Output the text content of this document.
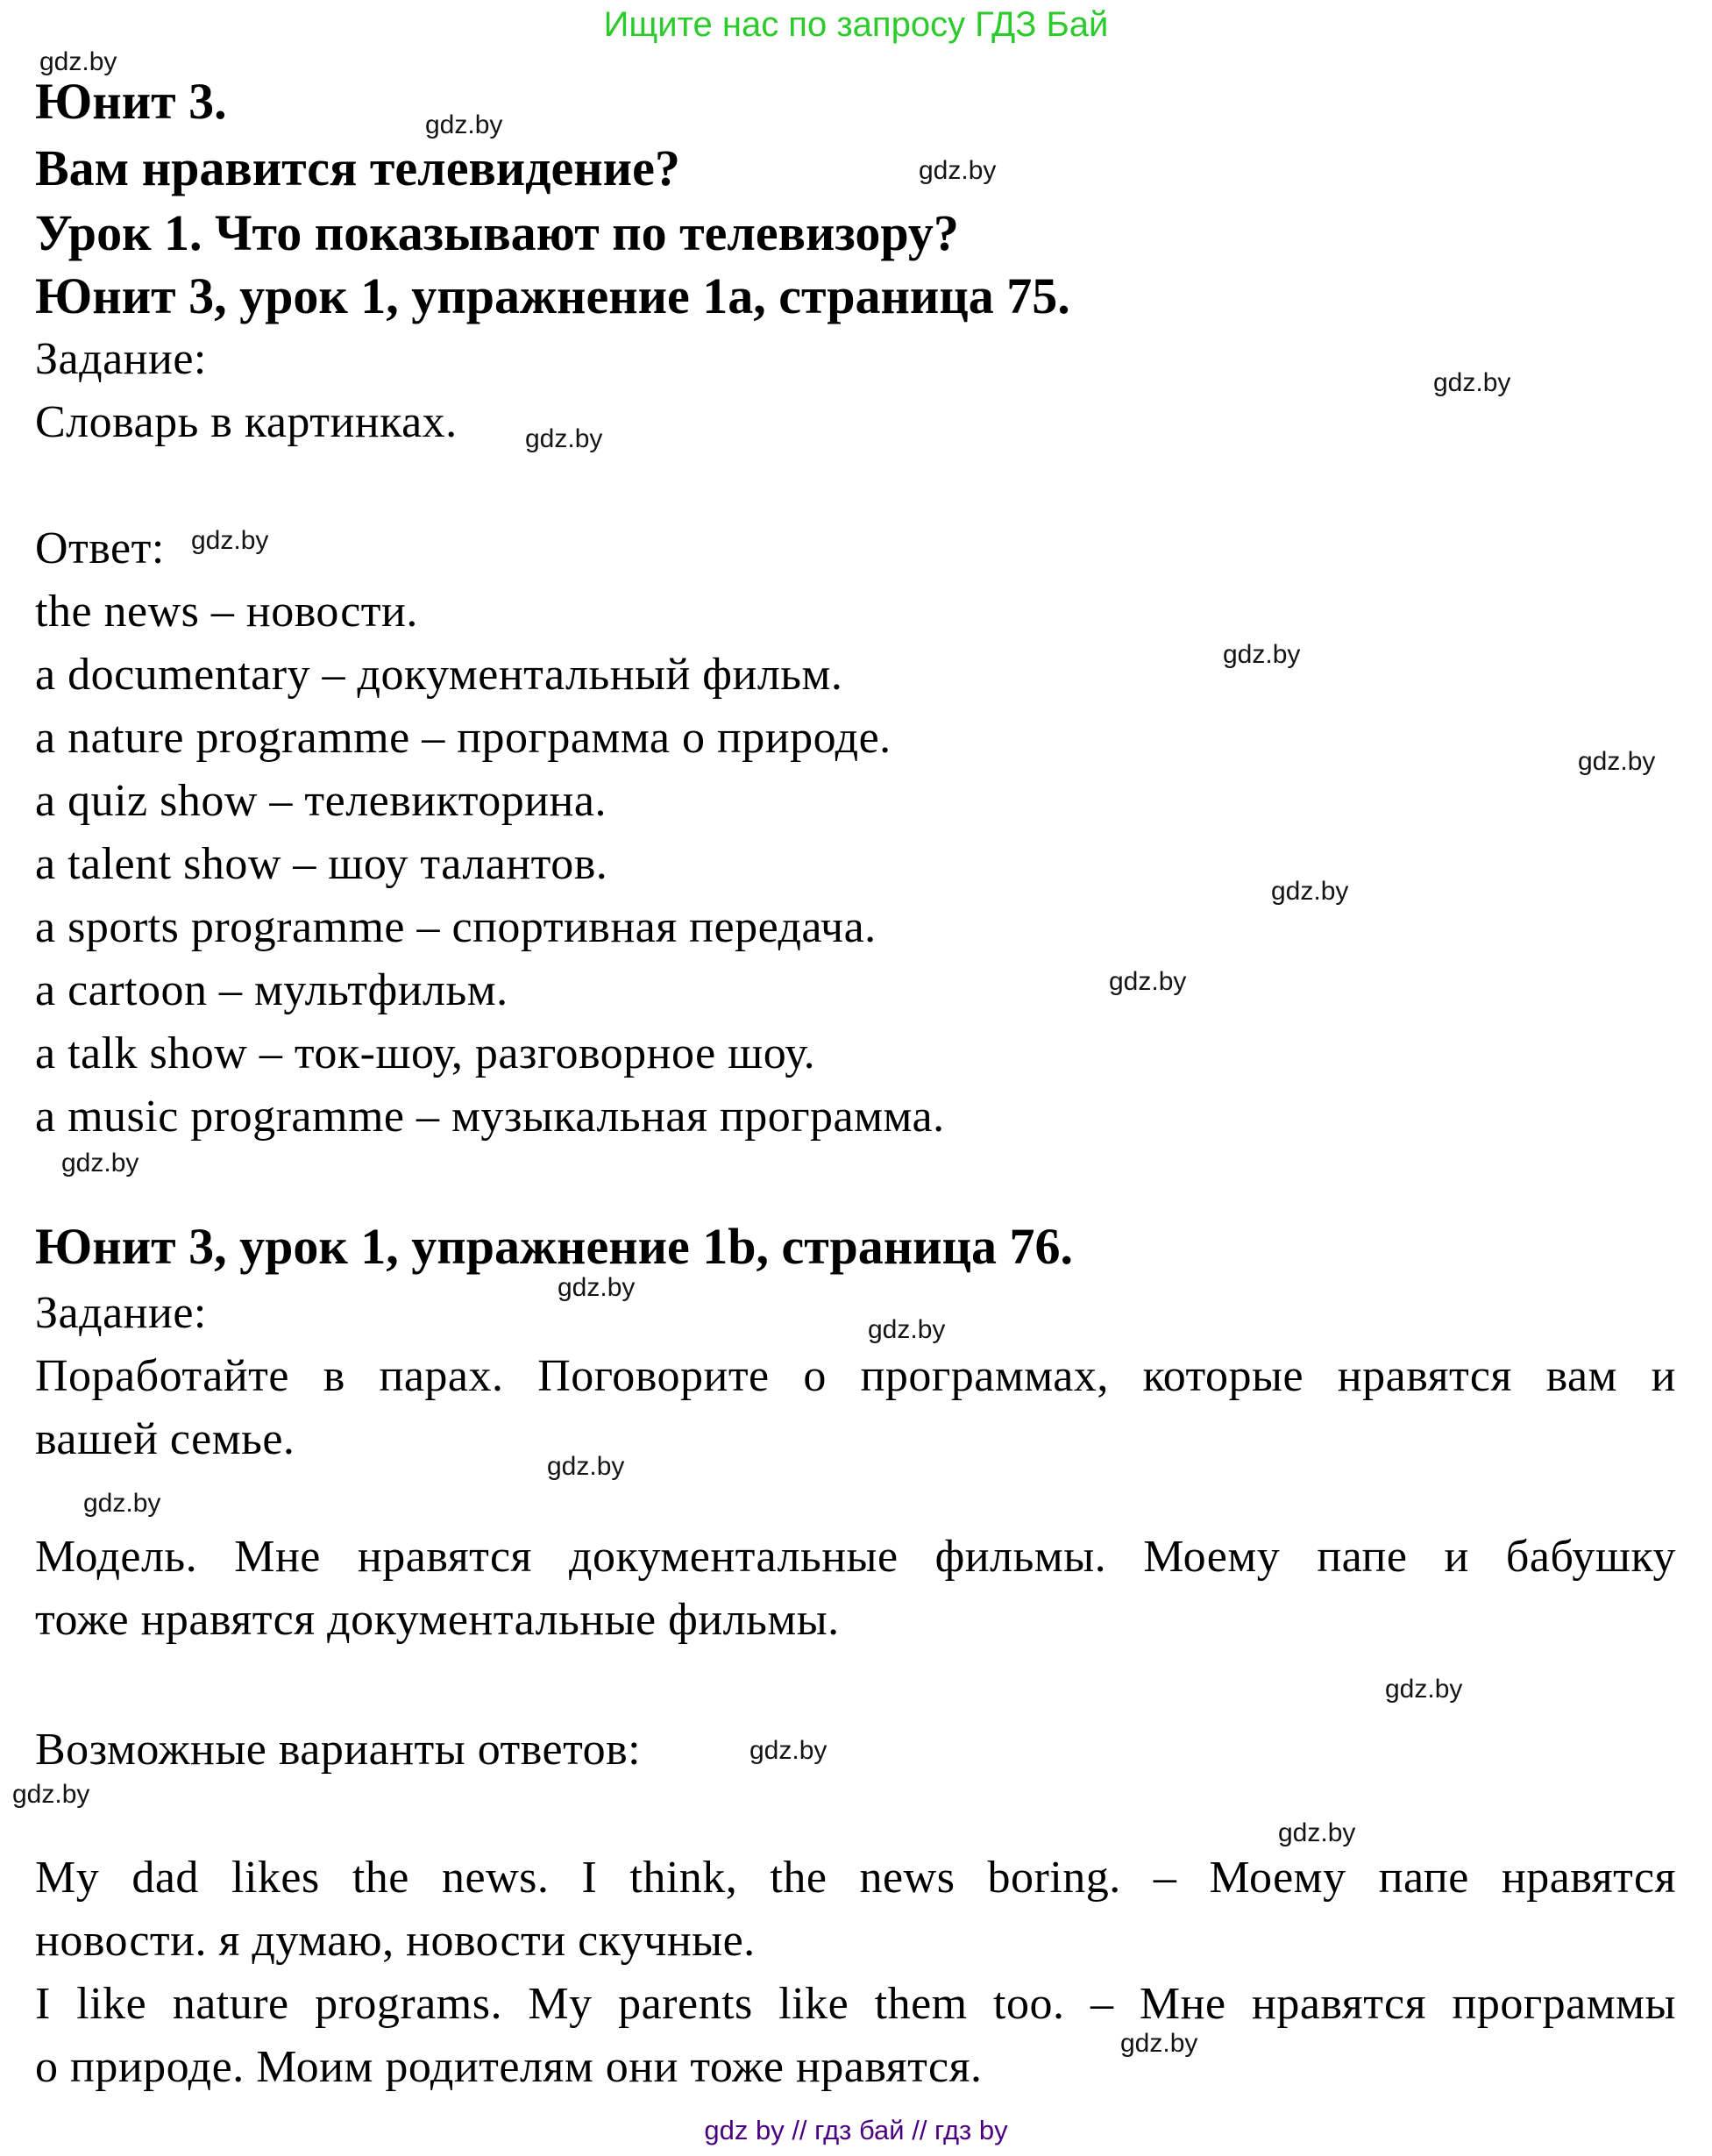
Ищите нас по запросу ГДЗ Бай
gdz.by
gdz.by
gdz.by
gdz.by
gdz.by
gdz.by
gdz.by
gdz.by
gdz.by
gdz.by
gdz.by
gdz.by
gdz.by
gdz.by
gdz.by
gdz.by
gdz.by
gdz.by
gdz.by
gdz.by
Юнит 3.
Вам нравится телевидение?
Урок 1. Что показывают по телевизору?
Юнит 3, урок 1, упражнение 1a, страница 75.
Задание:
Словарь в картинках.
Ответ:
the news – новости.
a documentary – документальный фильм.
a nature programme – программа о природе.
a quiz show – телевикторина.
a talent show – шоу талантов.
a sports programme – спортивная передача.
a cartoon – мультфильм.
a talk show – ток-шоу, разговорное шоу.
a music programme – музыкальная программа.
Юнит 3, урок 1, упражнение 1b, страница 76.
Задание:
Поработайте в парах. Поговорите о программах, которые нравятся вам и
вашей семье.
Модель. Мне нравятся документальные фильмы. Моему папе и бабушку
тоже нравятся документальные фильмы.
Возможные варианты ответов:
My dad likes the news. I think, the news boring. – Моему папе нравятся
новости. я думаю, новости скучные.
I like nature programs. My parents like them too. – Мне нравятся программы
о природе. Моим родителям они тоже нравятся.
gdz by // гдз бай // гдз by
